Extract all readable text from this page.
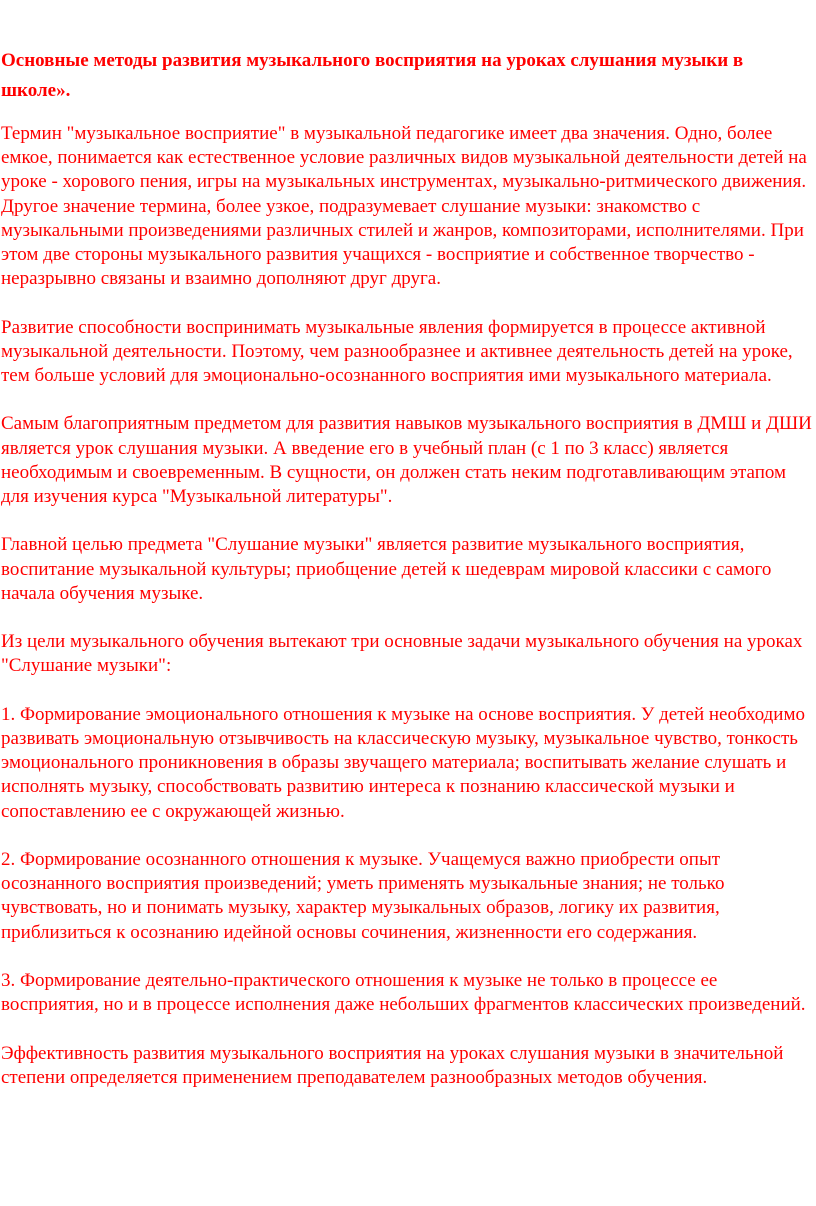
Основные методы развития музыкального восприятия на уроках слушания музыки в школе».

Термин "музыкальное восприятие" в музыкальной педагогике имеет два значения. Одно, более емкое, понимается как естественное условие различных видов музыкальной деятельности детей на уроке - хорового пения, игры на музыкальных инструментах, музыкально-ритмического движения. Другое значение термина, более узкое, подразумевает слушание музыки: знакомство с музыкальными произведениями различных стилей и жанров, композиторами, исполнителями. При этом две стороны музыкального развития учащихся - восприятие и собственное творчество - неразрывно связаны и взаимно дополняют друг друга.

Развитие способности воспринимать музыкальные явления формируется в процессе активной музыкальной деятельности. Поэтому, чем разнообразнее и активнее деятельность детей на уроке, тем больше условий для эмоционально-осознанного восприятия ими музыкального материала.

Самым благоприятным предметом для развития навыков музыкального восприятия в ДМШ и ДШИ является урок слушания музыки. А введение его в учебный план (с 1 по 3 класс) является необходимым и своевременным. В сущности, он должен стать неким подготавливающим этапом для изучения курса "Музыкальной литературы".

Главной целью предмета "Слушание музыки" является развитие музыкального восприятия, воспитание музыкальной культуры; приобщение детей к шедеврам мировой классики с самого начала обучения музыке.

Из цели музыкального обучения вытекают три основные задачи музыкального обучения на уроках "Слушание музыки":

1. Формирование эмоционального отношения к музыке на основе восприятия. У детей необходимо развивать эмоциональную отзывчивость на классическую музыку, музыкальное чувство, тонкость эмоционального проникновения в образы звучащего материала; воспитывать желание слушать и исполнять музыку, способствовать развитию интереса к познанию классической музыки и сопоставлению ее с окружающей жизнью.

2. Формирование осознанного отношения к музыке. Учащемуся важно приобрести опыт осознанного восприятия произведений; уметь применять музыкальные знания; не только чувствовать, но и понимать музыку, характер музыкальных образов, логику их развития, приблизиться к осознанию идейной основы сочинения, жизненности его содержания.

3. Формирование деятельно-практического отношения к музыке не только в процессе ее восприятия, но и в процессе исполнения даже небольших фрагментов классических произведений.

Эффективность развития музыкального восприятия на уроках слушания музыки в значительной степени определяется применением преподавателем разнообразных методов обучения.
